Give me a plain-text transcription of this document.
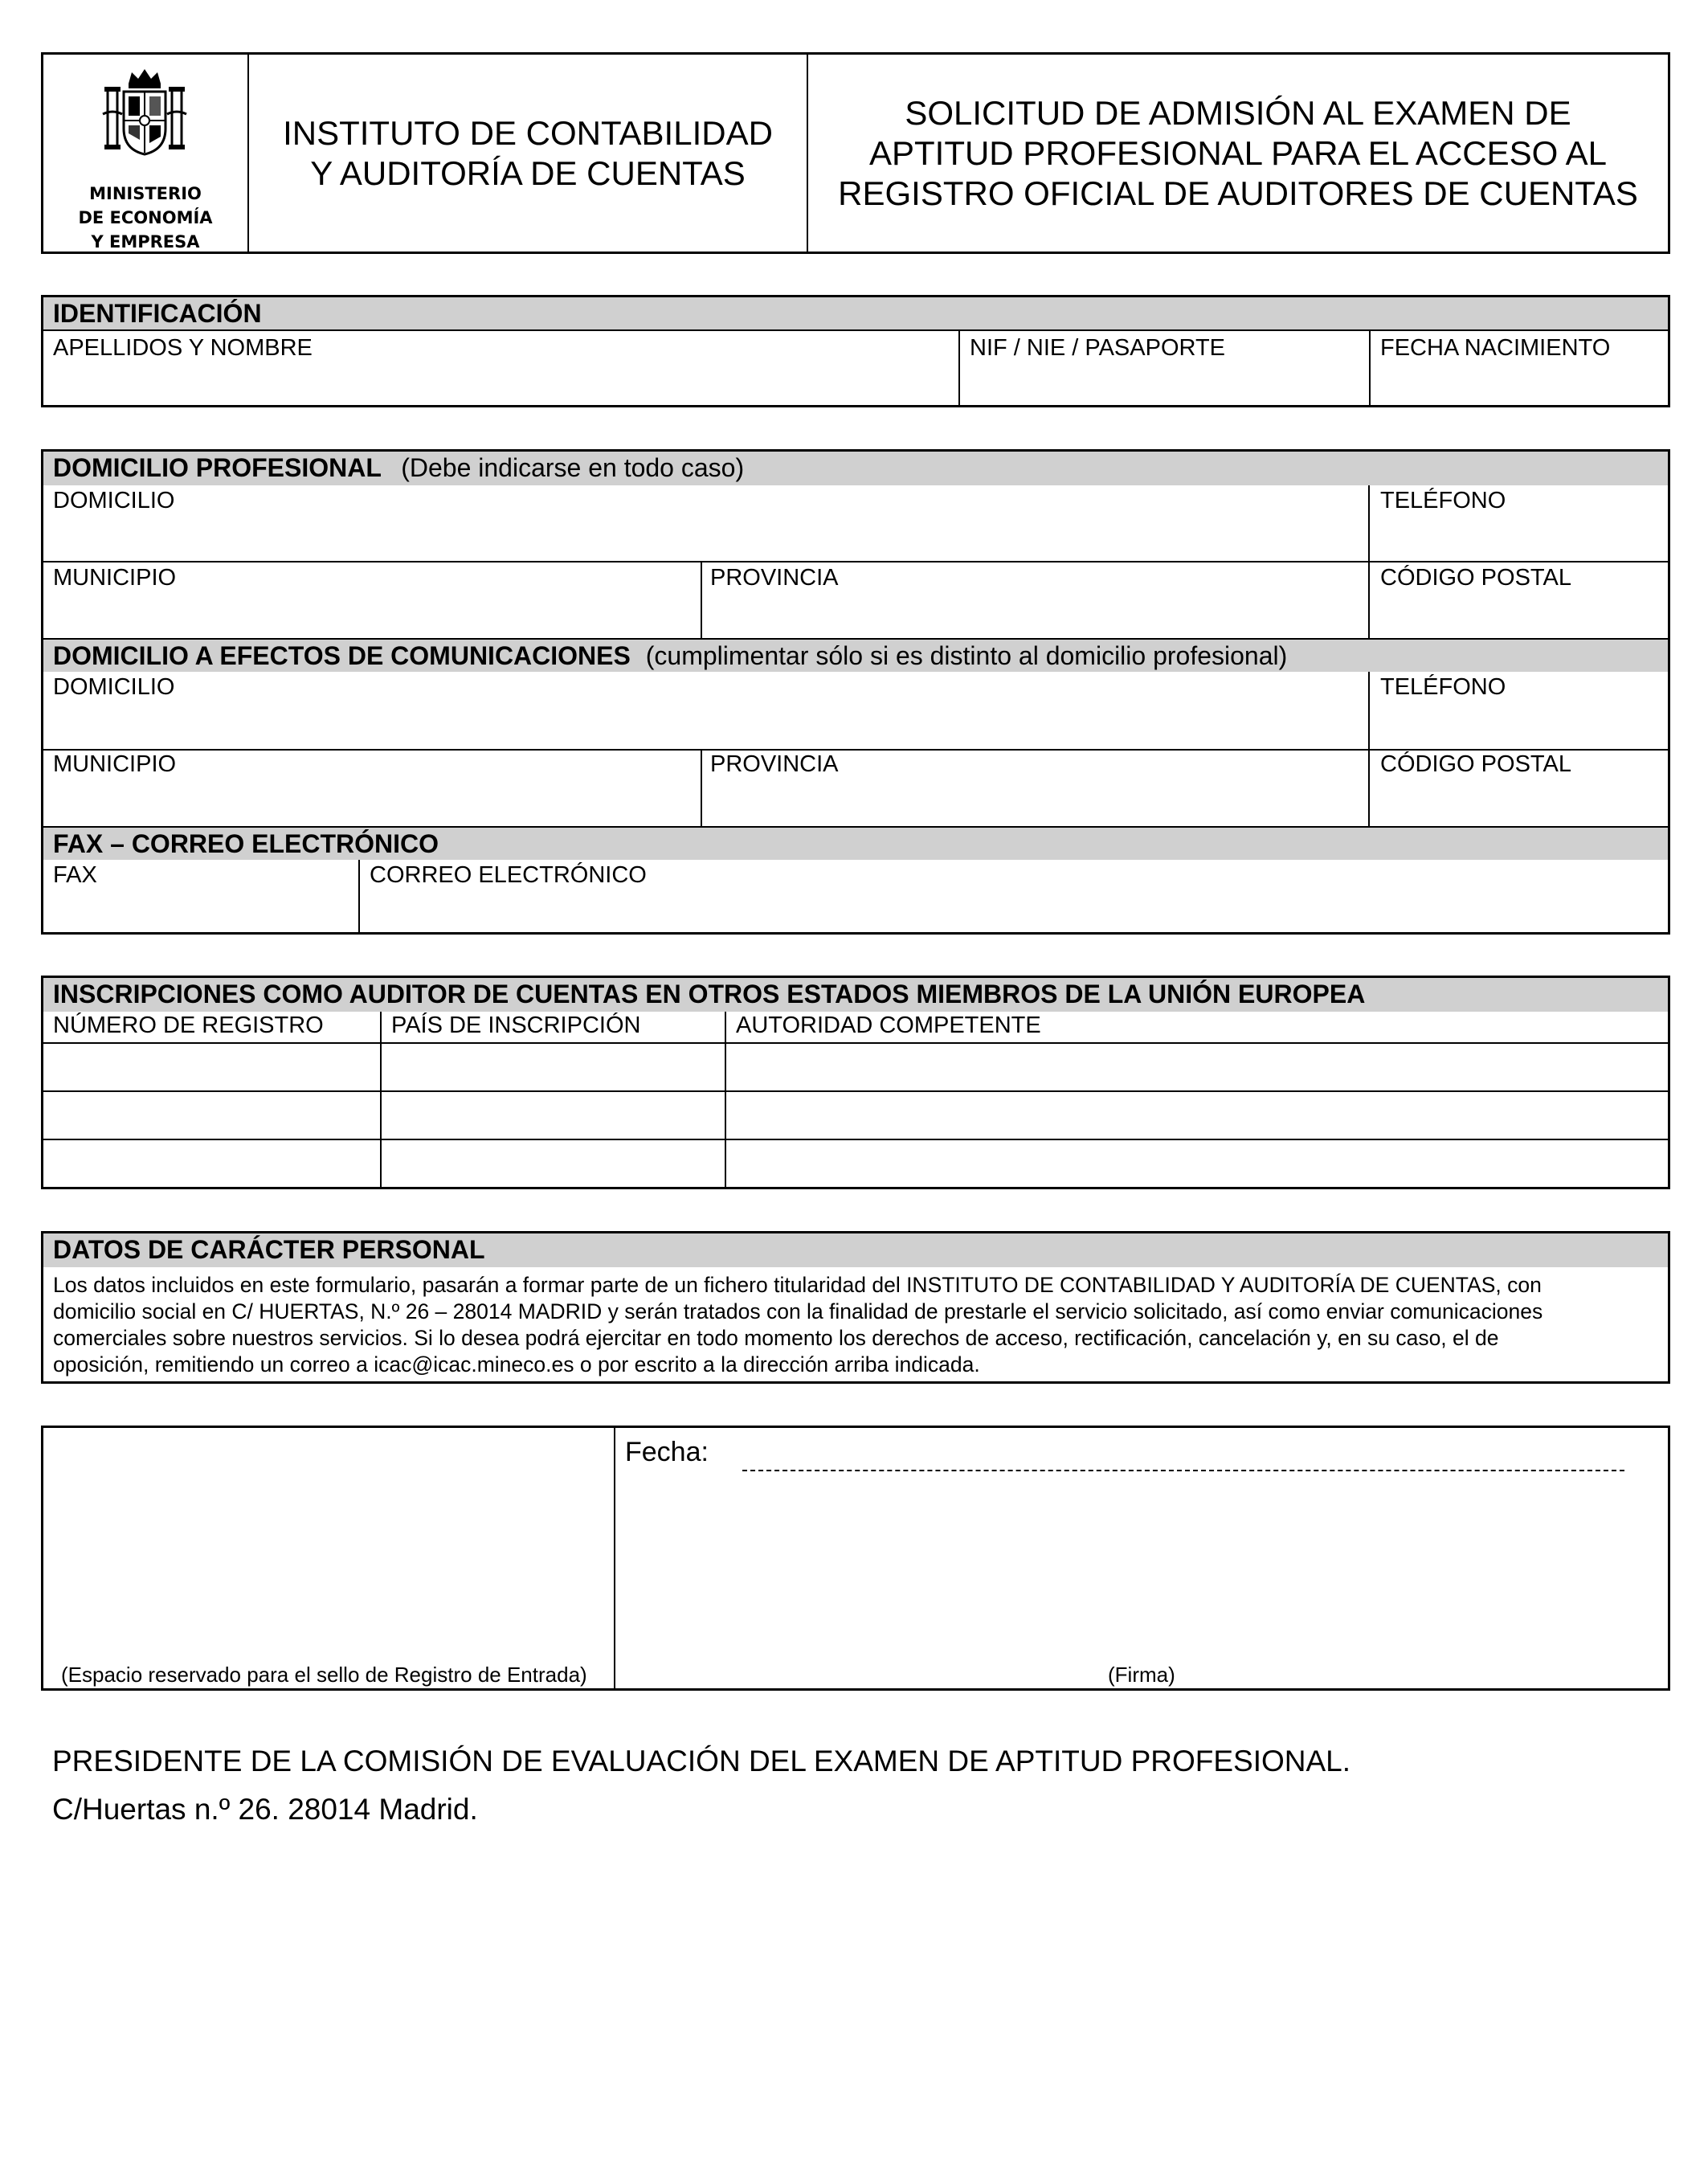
MINISTERIO
DE ECONOMÍA
Y EMPRESA
INSTITUTO DE CONTABILIDAD
Y AUDITORÍA DE CUENTAS
SOLICITUD DE ADMISIÓN AL EXAMEN DE
APTITUD PROFESIONAL PARA EL ACCESO AL
REGISTRO OFICIAL DE AUDITORES DE CUENTAS
IDENTIFICACIÓN
APELLIDOS Y NOMBRE	NIF / NIE / PASAPORTE	FECHA NACIMIENTO
DOMICILIO PROFESIONAL (Debe indicarse en todo caso)
DOMICILIO	TELÉFONO
MUNICIPIO	PROVINCIA	CÓDIGO POSTAL
DOMICILIO A EFECTOS DE COMUNICACIONES (cumplimentar sólo si es distinto al domicilio profesional)
DOMICILIO	TELÉFONO
MUNICIPIO	PROVINCIA	CÓDIGO POSTAL
FAX – CORREO ELECTRÓNICO
FAX	CORREO ELECTRÓNICO
INSCRIPCIONES COMO AUDITOR DE CUENTAS EN OTROS ESTADOS MIEMBROS DE LA UNIÓN EUROPEA
NÚMERO DE REGISTRO	PAÍS DE INSCRIPCIÓN	AUTORIDAD COMPETENTE
DATOS DE CARÁCTER PERSONAL
Los datos incluidos en este formulario, pasarán a formar parte de un fichero titularidad del INSTITUTO DE CONTABILIDAD Y AUDITORÍA DE CUENTAS, con
domicilio social en C/ HUERTAS, N.º 26 – 28014 MADRID y serán tratados con la finalidad de prestarle el servicio solicitado, así como enviar comunicaciones
comerciales sobre nuestros servicios. Si lo desea podrá ejercitar en todo momento los derechos de acceso, rectificación, cancelación y, en su caso, el de
oposición, remitiendo un correo a icac@icac.mineco.es o por escrito a la dirección arriba indicada.
(Espacio reservado para el sello de Registro de Entrada)
Fecha:
(Firma)
PRESIDENTE DE LA COMISIÓN DE EVALUACIÓN DEL EXAMEN DE APTITUD PROFESIONAL.
C/Huertas n.º 26. 28014 Madrid.
